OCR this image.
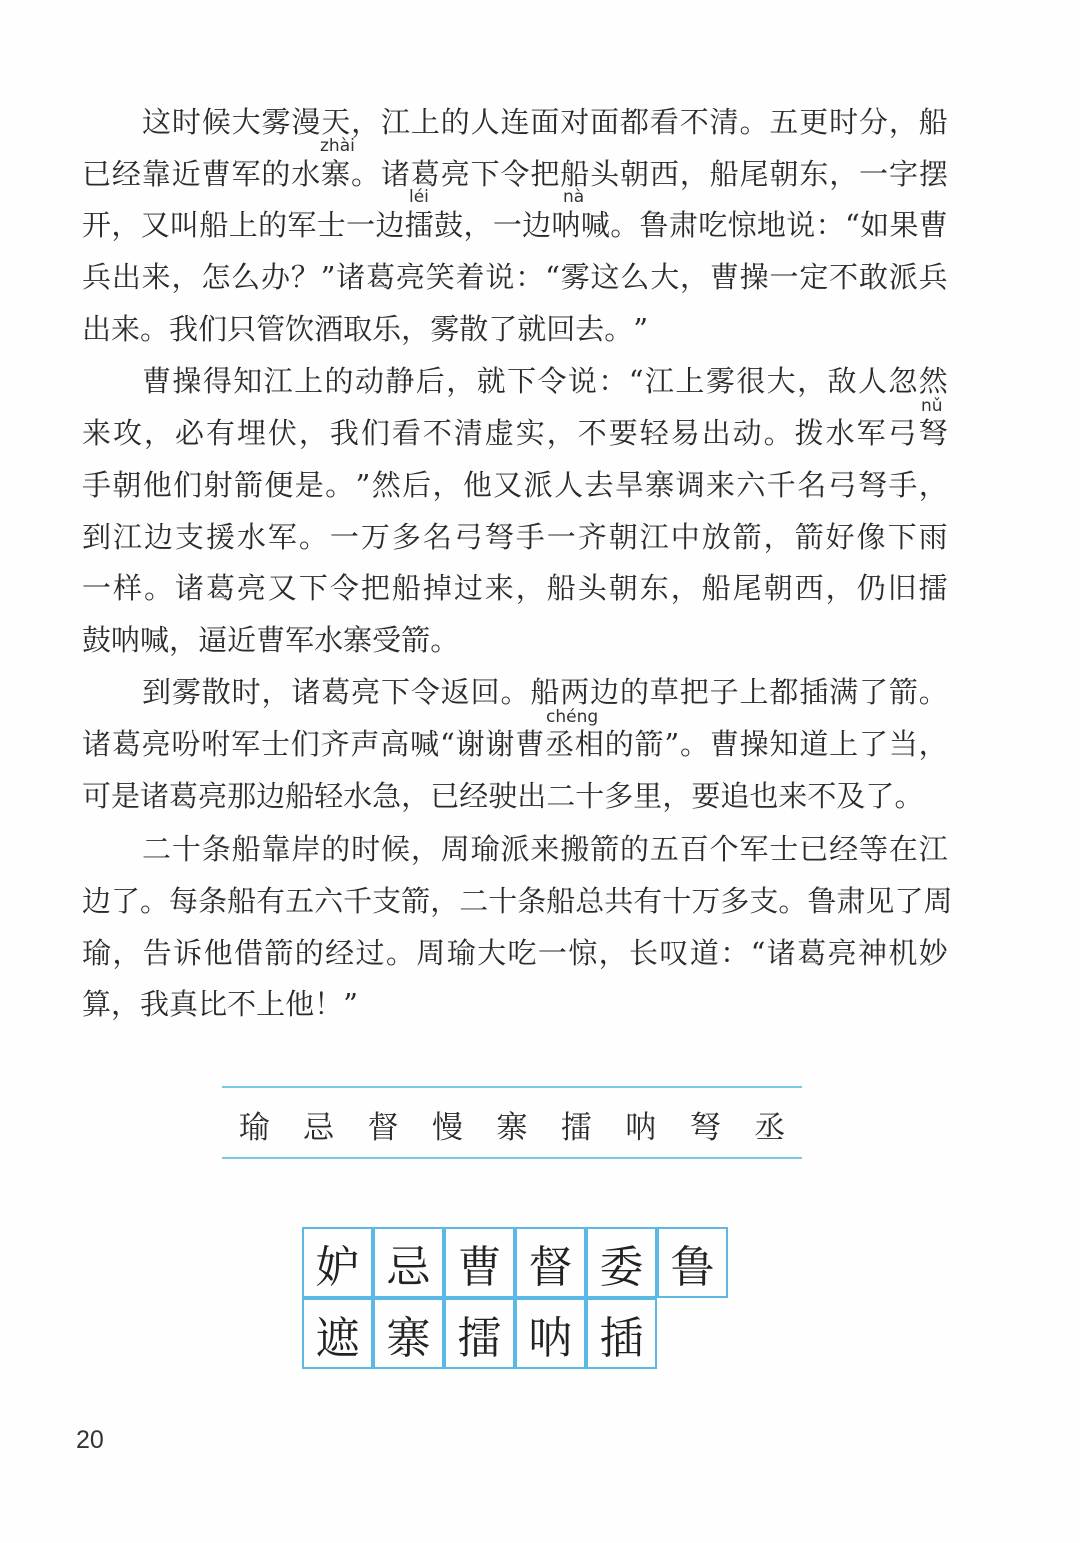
这 时 候 大 雾 漫 天 ， 江 上 的 人 连 面 对 面 都 看 不 清 。 五 更 时 分 ， 船
已 经 靠 近 曹 军 的 水 寨 。 诸 葛 亮 下 令 把 船 头 朝 西 ， 船 尾 朝 东 ， 一 字 摆
开 ， 又 叫 船 上 的 军 士 一 边 擂 鼓 ， 一 边 呐 喊 。 鲁 肃 吃 惊 地 说 ： “ 如 果 曹
兵 出 来 ， 怎 么 办 ？ ” 诸 葛 亮 笑 着 说 ： “ 雾 这 么 大 ， 曹 操 一 定 不 敢 派 兵
出 来 。 我 们 只 管 饮 酒 取 乐 ， 雾 散 了 就 回 去 。 ”
曹 操 得 知 江 上 的 动 静 后 ， 就 下 令 说 ： “ 江 上 雾 很 大 ， 敌 人 忽 然
来 攻 ， 必 有 埋 伏 ， 我 们 看 不 清 虚 实 ， 不 要 轻 易 出 动 。 拨 水 军 弓 弩
手 朝 他 们 射 箭 便 是 。 ” 然 后 ， 他 又 派 人 去 旱 寨 调 来 六 千 名 弓 弩 手 ，
到 江 边 支 援 水 军 。 一 万 多 名 弓 弩 手 一 齐 朝 江 中 放 箭 ， 箭 好 像 下 雨
一 样 。 诸 葛 亮 又 下 令 把 船 掉 过 来 ， 船 头 朝 东 ， 船 尾 朝 西 ， 仍 旧 擂
鼓 呐 喊 ， 逼 近 曹 军 水 寨 受 箭 。
到 雾 散 时 ， 诸 葛 亮 下 令 返 回 。 船 两 边 的 草 把 子 上 都 插 满 了 箭 。
诸 葛 亮 吩 咐 军 士 们 齐 声 高 喊 “ 谢 谢 曹 丞 相 的 箭 ” 。 曹 操 知 道 上 了 当 ，
可 是 诸 葛 亮 那 边 船 轻 水 急 ， 已 经 驶 出 二 十 多 里 ， 要 追 也 来 不 及 了 。
二 十 条 船 靠 岸 的 时 候 ， 周 瑜 派 来 搬 箭 的 五 百 个 军 士 已 经 等 在 江
边 了 。 每 条 船 有 五 六 千 支 箭 ， 二 十 条 船 总 共 有 十 万 多 支 。 鲁 肃 见 了 周
瑜 ， 告 诉 他 借 箭 的 经 过 。 周 瑜 大 吃 一 惊 ， 长 叹 道 ： “ 诸 葛 亮 神 机 妙
算 ， 我 真 比 不 上 他 ！ ”
zhài
léi	nà
nǔ
chéng
瑜 忌 督 慢 寨 擂 呐 弩 丞
妒 忌 曹 督 委 鲁
遮 寨 擂 呐 插
20
